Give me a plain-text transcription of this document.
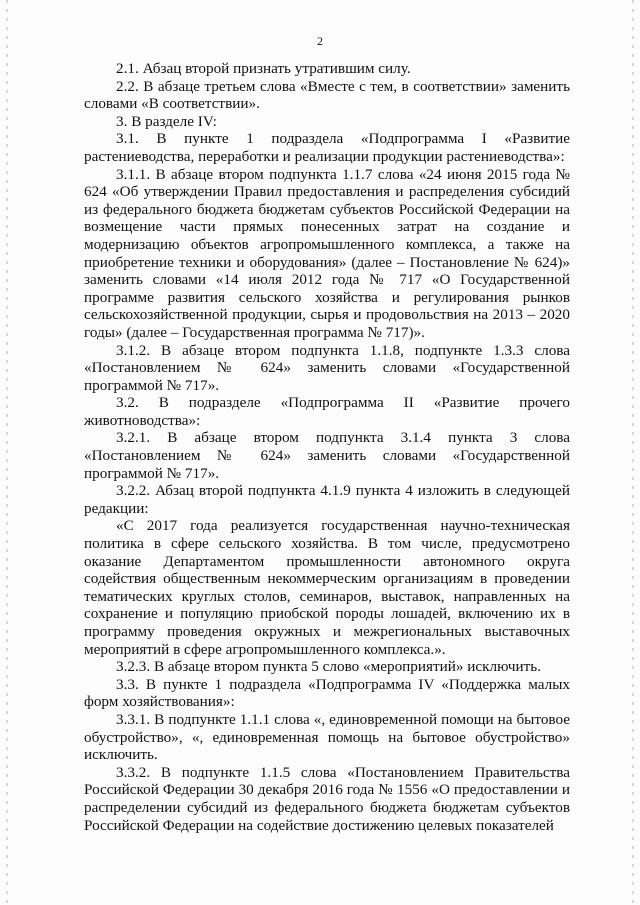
2

2.1. Абзац второй признать утратившим силу.

2.2. В абзаце третьем слова «Вместе с тем, в соответствии» заменить словами «В соответствии».

3. В разделе IV:

3.1. В пункте 1 подраздела «Подпрограмма I «Развитие растениеводства, переработки и реализации продукции растениеводства»:

3.1.1. В абзаце втором подпункта 1.1.7 слова «24 июня 2015 года № 624 «Об утверждении Правил предоставления и распределения субсидий из федерального бюджета бюджетам субъектов Российской Федерации на возмещение части прямых понесенных затрат на создание и модернизацию объектов агропромышленного комплекса, а также на приобретение техники и оборудования» (далее – Постановление № 624)» заменить словами «14 июля 2012 года № 717 «О Государственной программе развития сельского хозяйства и регулирования рынков сельскохозяйственной продукции, сырья и продовольствия на 2013 – 2020 годы» (далее – Государственная программа № 717)».

3.1.2. В абзаце втором подпункта 1.1.8, подпункте 1.3.3 слова «Постановлением № 624» заменить словами «Государственной программой № 717».

3.2. В подразделе «Подпрограмма II «Развитие прочего животноводства»:

3.2.1. В абзаце втором подпункта 3.1.4 пункта 3 слова «Постановлением № 624» заменить словами «Государственной программой № 717».

3.2.2. Абзац второй подпункта 4.1.9 пункта 4 изложить в следующей редакции:

«С 2017 года реализуется государственная научно-техническая политика в сфере сельского хозяйства. В том числе, предусмотрено оказание Департаментом промышленности автономного округа содействия общественным некоммерческим организациям в проведении тематических круглых столов, семинаров, выставок, направленных на сохранение и популяцию приобской породы лошадей, включению их в программу проведения окружных и межрегиональных выставочных мероприятий в сфере агропромышленного комплекса.».

3.2.3. В абзаце втором пункта 5 слово «мероприятий» исключить.

3.3. В пункте 1 подраздела «Подпрограмма IV «Поддержка малых форм хозяйствования»:

3.3.1. В подпункте 1.1.1 слова «, единовременной помощи на бытовое обустройство», «, единовременная помощь на бытовое обустройство» исключить.

3.3.2. В подпункте 1.1.5 слова «Постановлением Правительства Российской Федерации 30 декабря 2016 года № 1556 «О предоставлении и распределении субсидий из федерального бюджета бюджетам субъектов Российской Федерации на содействие достижению целевых показателей
